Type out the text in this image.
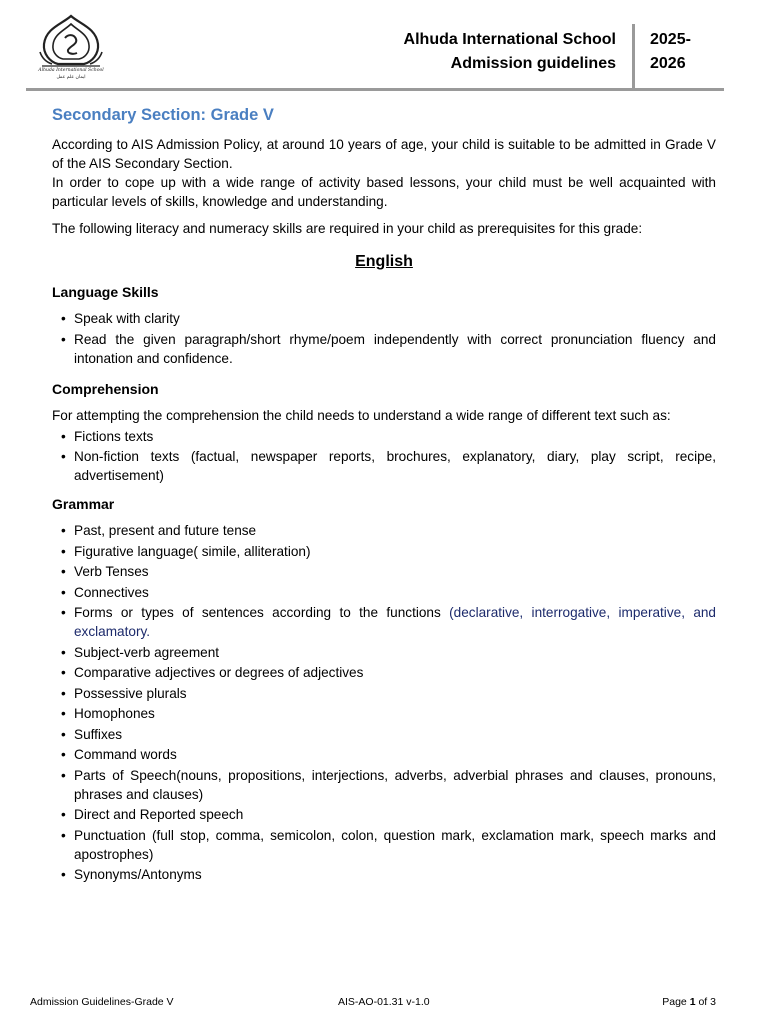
Alhuda International School
ايمان علم عمل
Alhuda International School
Admission guidelines
2025-
2026
Secondary Section: Grade V

According to AIS Admission Policy, at around 10 years of age, your child is suitable to be admitted in Grade V of the AIS Secondary Section.

In order to cope up with a wide range of activity based lessons, your child must be well acquainted with particular levels of skills, knowledge and understanding.

The following literacy and numeracy skills are required in your child as prerequisites for this grade:

English
Language Skills
• Speak with clarity
• Read the given paragraph/short rhyme/poem independently with correct pronunciation fluency and intonation and confidence.
Comprehension

For attempting the comprehension the child needs to understand a wide range of different text such as:

• Fictions texts
• Non-fiction texts (factual, newspaper reports, brochures, explanatory, diary, play script, recipe, advertisement)
Grammar
• Past, present and future tense
• Figurative language( simile, alliteration)
• Verb Tenses
• Connectives
• Forms or types of sentences according to the functions (declarative, interrogative, imperative, and exclamatory.
• Subject-verb agreement
• Comparative adjectives or degrees of adjectives
• Possessive plurals
• Homophones
• Suffixes
• Command words
• Parts of Speech(nouns, propositions, interjections, adverbs, adverbial phrases and clauses, pronouns, phrases and clauses)
• Direct and Reported speech
• Punctuation (full stop, comma, semicolon, colon, question mark, exclamation mark, speech marks and apostrophes)
• Synonyms/Antonyms
Admission Guidelines-Grade V	AIS-AO-01.31 v-1.0	Page 1 of 3
